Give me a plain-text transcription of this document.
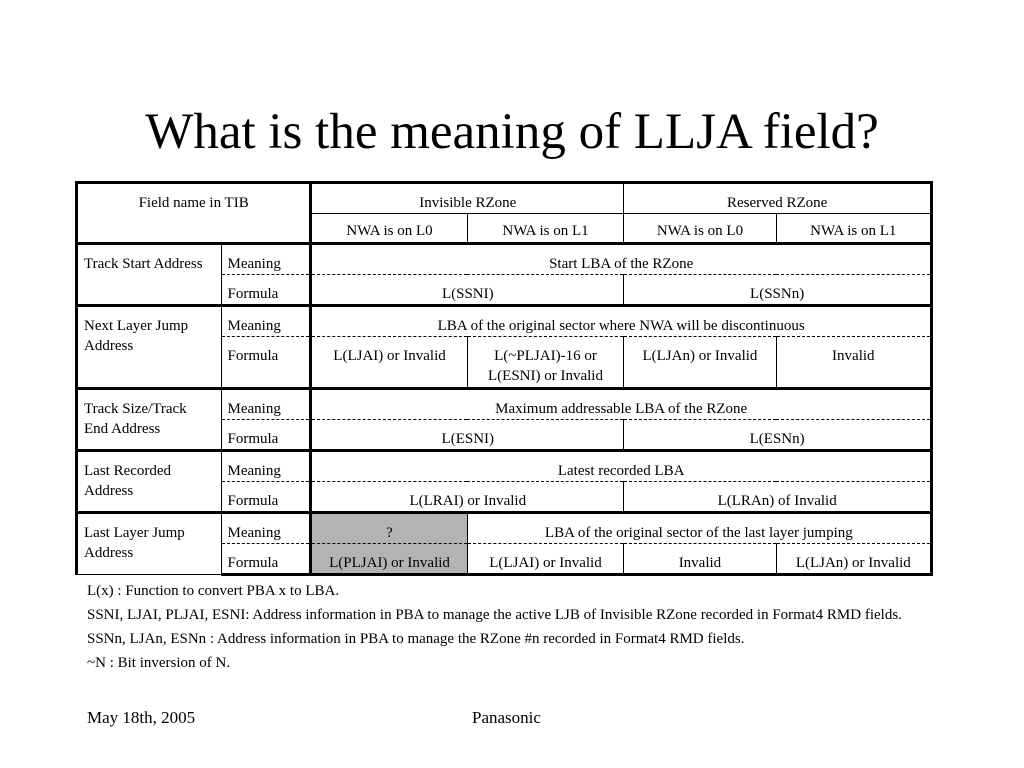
What is the meaning of LLJA field?
Field name in TIB		Invisible RZone		Reserved RZone	
		NWA is on L0	NWA is on L1	NWA is on L0	NWA is on L1
Track Start Address	Meaning	Start LBA of the RZone			
	Formula	L(SSNI)		L(SSNn)	
Next Layer Jump Address	Meaning	LBA of the original sector where NWA will be discontinuous			
	Formula	L(LJAI) or Invalid	L(~PLJAI)-16 or L(ESNI) or Invalid	L(LJAn) or Invalid	Invalid
Track Size/Track End Address	Meaning	Maximum addressable LBA of the RZone			
	Formula	L(ESNI)		L(ESNn)	
Last Recorded Address	Meaning	Latest recorded LBA			
	Formula	L(LRAI) or Invalid		L(LRAn) of Invalid	
Last Layer Jump Address	Meaning	?	LBA of the original sector of the last layer jumping		
	Formula	L(PLJAI) or Invalid	L(LJAI) or Invalid	Invalid	L(LJAn) or Invalid

L(x) : Function to convert PBA x to LBA.

SSNI, LJAI, PLJAI, ESNI: Address information in PBA to manage the active LJB of Invisible RZone recorded in Format4 RMD fields.

SSNn, LJAn, ESNn : Address information in PBA to manage the RZone #n recorded in Format4 RMD fields.

~N : Bit inversion of N.

May 18th, 2005	Panasonic
